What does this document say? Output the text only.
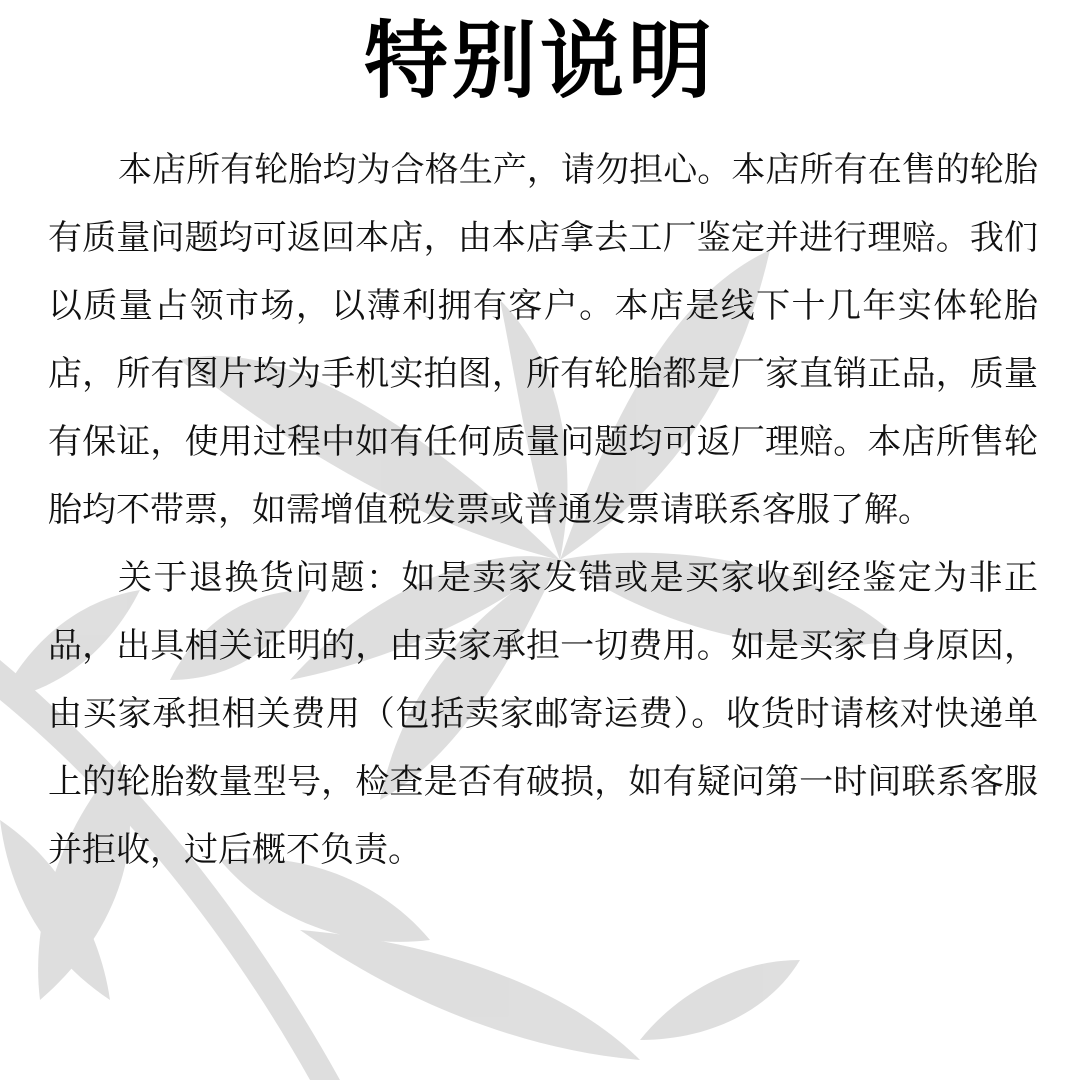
特别说明

本店所有轮胎均为合格生产，请勿担心。本店所有在售的轮胎有质量问题均可返回本店，由本店拿去工厂鉴定并进行理赔。我们以质量占领市场，以薄利拥有客户。本店是线下十几年实体轮胎店，所有图片均为手机实拍图，所有轮胎都是厂家直销正品，质量有保证，使用过程中如有任何质量问题均可返厂理赔。本店所售轮胎均不带票，如需增值税发票或普通发票请联系客服了解。

关于退换货问题：如是卖家发错或是买家收到经鉴定为非正品，出具相关证明的，由卖家承担一切费用。如是买家自身原因，由买家承担相关费用（包括卖家邮寄运费）。收货时请核对快递单上的轮胎数量型号，检查是否有破损，如有疑问第一时间联系客服并拒收，过后概不负责。
